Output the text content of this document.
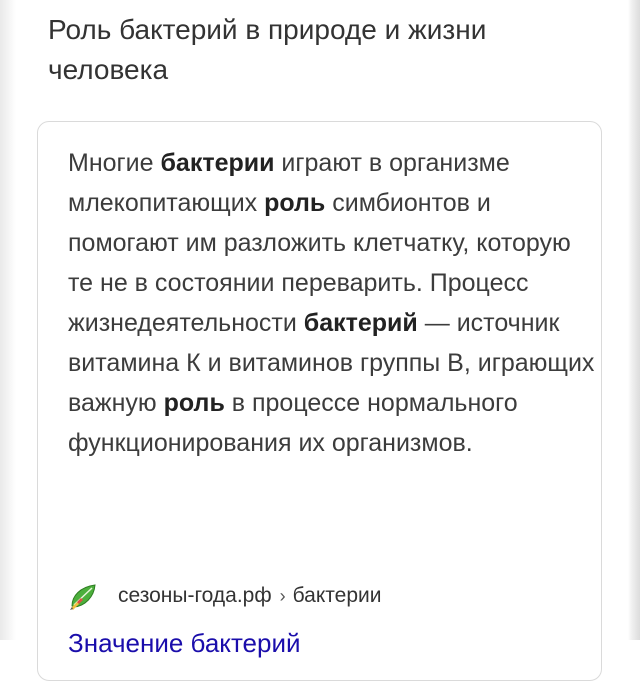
Роль бактерий в природе и жизни человека

Многие бактерии играют в организме млекопитающих роль симбионтов и помогают им разложить клетчатку, которую те не в состоянии переварить. Процесс жизнедеятельности бактерий — источник витамина К и витаминов группы В, играющих важную роль в процессе нормального функционирования их организмов.

сезоны-года.рф › бактерии
Значение бактерий
